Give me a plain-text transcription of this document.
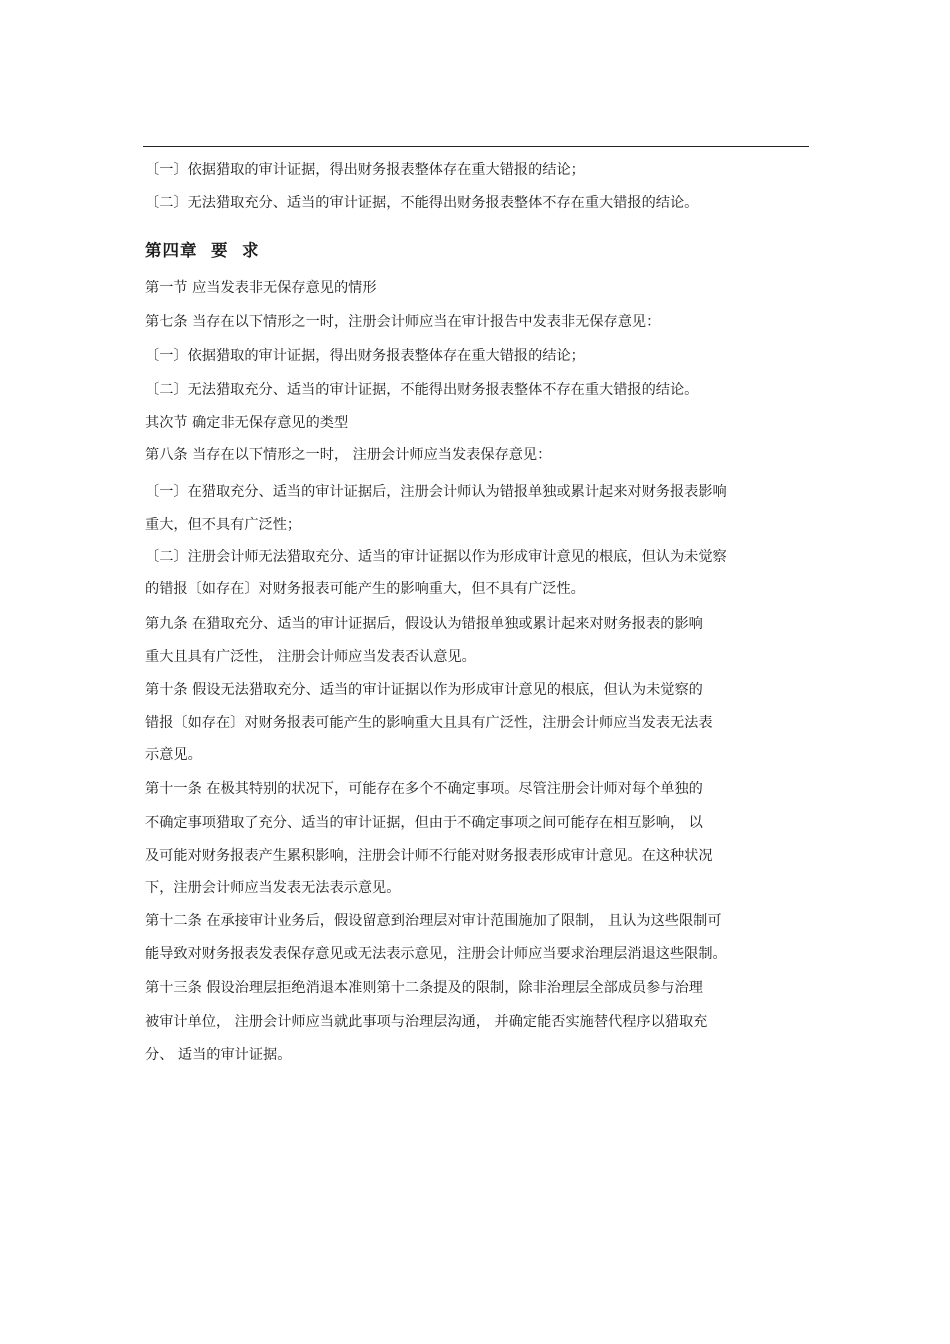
〔一〕依据猎取的审计证据，得出财务报表整体存在重大错报的结论；
〔二〕无法猎取充分、适当的审计证据，不能得出财务报表整体不存在重大错报的结论。
第四章  要  求
第一节 应当发表非无保存意见的情形
第七条 当存在以下情形之一时，注册会计师应当在审计报告中发表非无保存意见：
〔一〕依据猎取的审计证据，得出财务报表整体存在重大错报的结论；
〔二〕无法猎取充分、适当的审计证据，不能得出财务报表整体不存在重大错报的结论。
其次节 确定非无保存意见的类型
第八条 当存在以下情形之一时， 注册会计师应当发表保存意见：
〔一〕在猎取充分、适当的审计证据后，注册会计师认为错报单独或累计起来对财务报表影响
重大，但不具有广泛性；
〔二〕注册会计师无法猎取充分、适当的审计证据以作为形成审计意见的根底，但认为未觉察
的错报〔如存在〕对财务报表可能产生的影响重大，但不具有广泛性。
第九条 在猎取充分、适当的审计证据后，假设认为错报单独或累计起来对财务报表的影响
重大且具有广泛性， 注册会计师应当发表否认意见。
第十条 假设无法猎取充分、适当的审计证据以作为形成审计意见的根底，但认为未觉察的
错报〔如存在〕对财务报表可能产生的影响重大且具有广泛性，注册会计师应当发表无法表
示意见。
第十一条 在极其特别的状况下，可能存在多个不确定事项。尽管注册会计师对每个单独的
不确定事项猎取了充分、适当的审计证据，但由于不确定事项之间可能存在相互影响， 以
及可能对财务报表产生累积影响，注册会计师不行能对财务报表形成审计意见。在这种状况
下，注册会计师应当发表无法表示意见。
第十二条 在承接审计业务后，假设留意到治理层对审计范围施加了限制， 且认为这些限制可
能导致对财务报表发表保存意见或无法表示意见，注册会计师应当要求治理层消退这些限制。
第十三条 假设治理层拒绝消退本准则第十二条提及的限制，除非治理层全部成员参与治理
被审计单位， 注册会计师应当就此事项与治理层沟通， 并确定能否实施替代程序以猎取充
分、 适当的审计证据。
